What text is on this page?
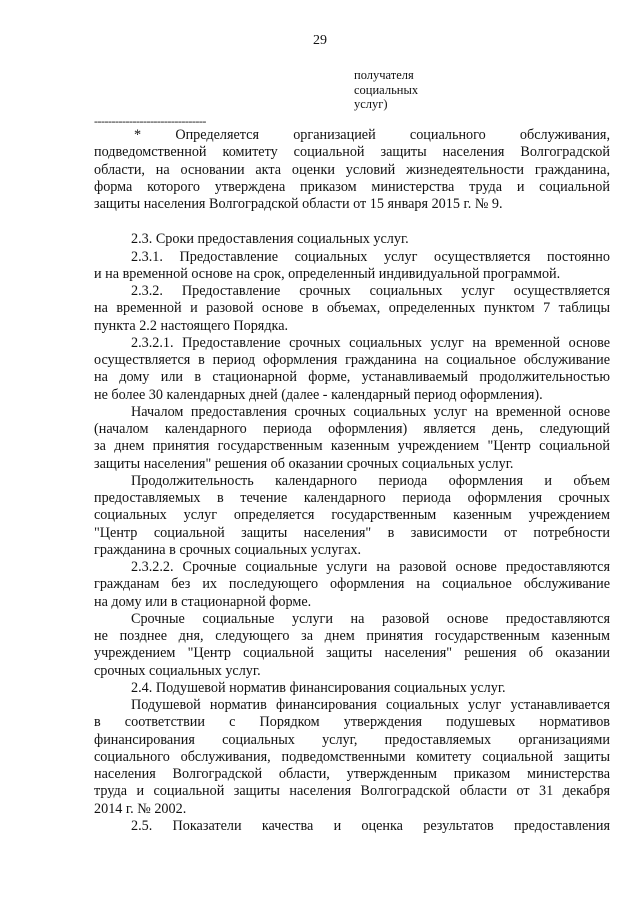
29
получателя
социальных
услуг)
--------------------------------

* Определяется организацией социального обслуживания,
подведомственной комитету социальной защиты населения Волгоградской
области, на основании акта оценки условий жизнедеятельности гражданина,
форма которого утверждена приказом министерства труда и социальной
защиты населения Волгоградской области от 15 января 2015 г. № 9.

2.3. Сроки предоставления социальных услуг.

2.3.1. Предоставление социальных услуг осуществляется постоянно
и на временной основе на срок, определенный индивидуальной программой.

2.3.2. Предоставление срочных социальных услуг осуществляется
на временной и разовой основе в объемах, определенных пунктом 7 таблицы
пункта 2.2 настоящего Порядка.

2.3.2.1. Предоставление срочных социальных услуг на временной основе
осуществляется в период оформления гражданина на социальное обслуживание
на дому или в стационарной форме, устанавливаемый продолжительностью
не более 30 календарных дней (далее - календарный период оформления).

Началом предоставления срочных социальных услуг на временной основе
(началом календарного периода оформления) является день, следующий
за днем принятия государственным казенным учреждением "Центр социальной
защиты населения" решения об оказании срочных социальных услуг.

Продолжительность календарного периода оформления и объем
предоставляемых в течение календарного периода оформления срочных
социальных услуг определяется государственным казенным учреждением
"Центр социальной защиты населения" в зависимости от потребности
гражданина в срочных социальных услугах.

2.3.2.2. Срочные социальные услуги на разовой основе предоставляются
гражданам без их последующего оформления на социальное обслуживание
на дому или в стационарной форме.

Срочные социальные услуги на разовой основе предоставляются
не позднее дня, следующего за днем принятия государственным казенным
учреждением "Центр социальной защиты населения" решения об оказании
срочных социальных услуг.

2.4. Подушевой норматив финансирования социальных услуг.

Подушевой норматив финансирования социальных услуг устанавливается
в соответствии с Порядком утверждения подушевых нормативов
финансирования социальных услуг, предоставляемых организациями
социального обслуживания, подведомственными комитету социальной защиты
населения Волгоградской области, утвержденным приказом министерства
труда и социальной защиты населения Волгоградской области от 31 декабря
2014 г. № 2002.

2.5. Показатели качества и оценка результатов предоставления
